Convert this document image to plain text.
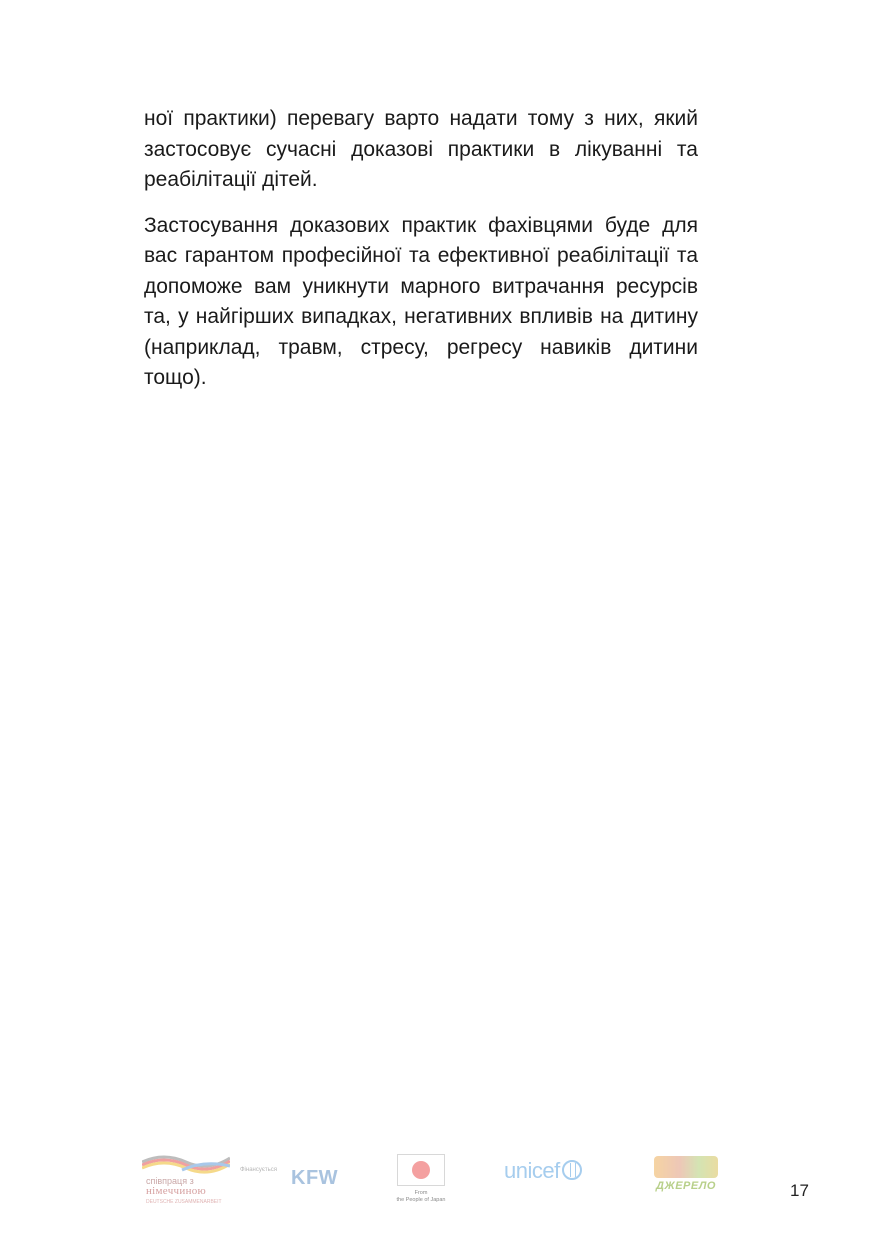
ної практики) перевагу варто надати тому з них, який застосовує сучасні доказові практики в лікуванні та реабілітації дітей.

Застосування доказових практик фахівцями буде для вас гарантом професійної та ефективної реабілітації та допоможе вам уникнути марного витрачання ресурсів та, у найгірших випадках, негативних впливів на дитину (наприклад, травм, стресу, регресу навиків дитини тощо).

співпраця з
німеччиною
DEUTSCHE ZUSAMMENARBEIT
Фінансується KFW
From
the People of Japan
unicef
ДЖЕРЕЛО	17
